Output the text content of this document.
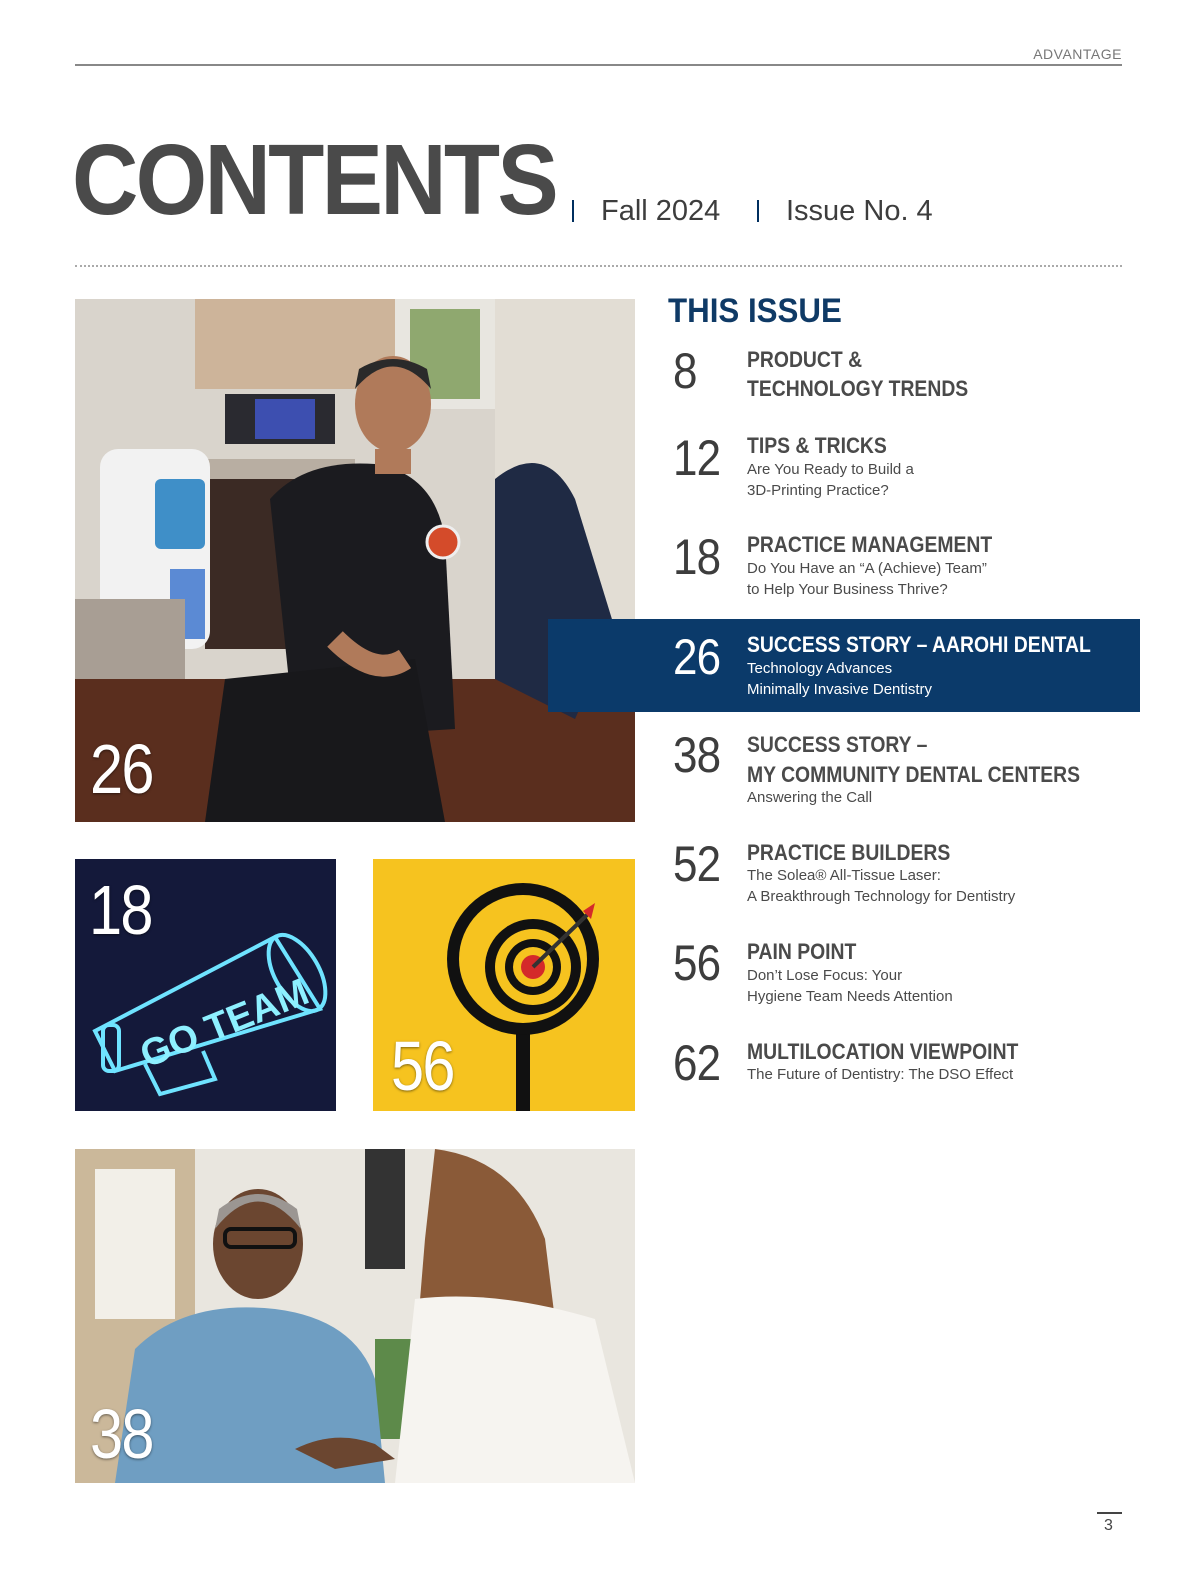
ADVANTAGE
CONTENTS Fall 2024 Issue No. 4
26
GO TEAM
18
56
38
THIS ISSUE
8 PRODUCT &
TECHNOLOGY TRENDS
12 TIPS & TRICKS
Are You Ready to Build a
3D-Printing Practice?
18 PRACTICE MANAGEMENT
Do You Have an “A (Achieve) Team”
to Help Your Business Thrive?
26 SUCCESS STORY – AAROHI DENTAL
Technology Advances
Minimally Invasive Dentistry
38 SUCCESS STORY –
MY COMMUNITY DENTAL CENTERS
Answering the Call
52 PRACTICE BUILDERS
The Solea® All-Tissue Laser:
A Breakthrough Technology for Dentistry
56 PAIN POINT
Don’t Lose Focus: Your
Hygiene Team Needs Attention
62 MULTILOCATION VIEWPOINT
The Future of Dentistry: The DSO Effect
3
